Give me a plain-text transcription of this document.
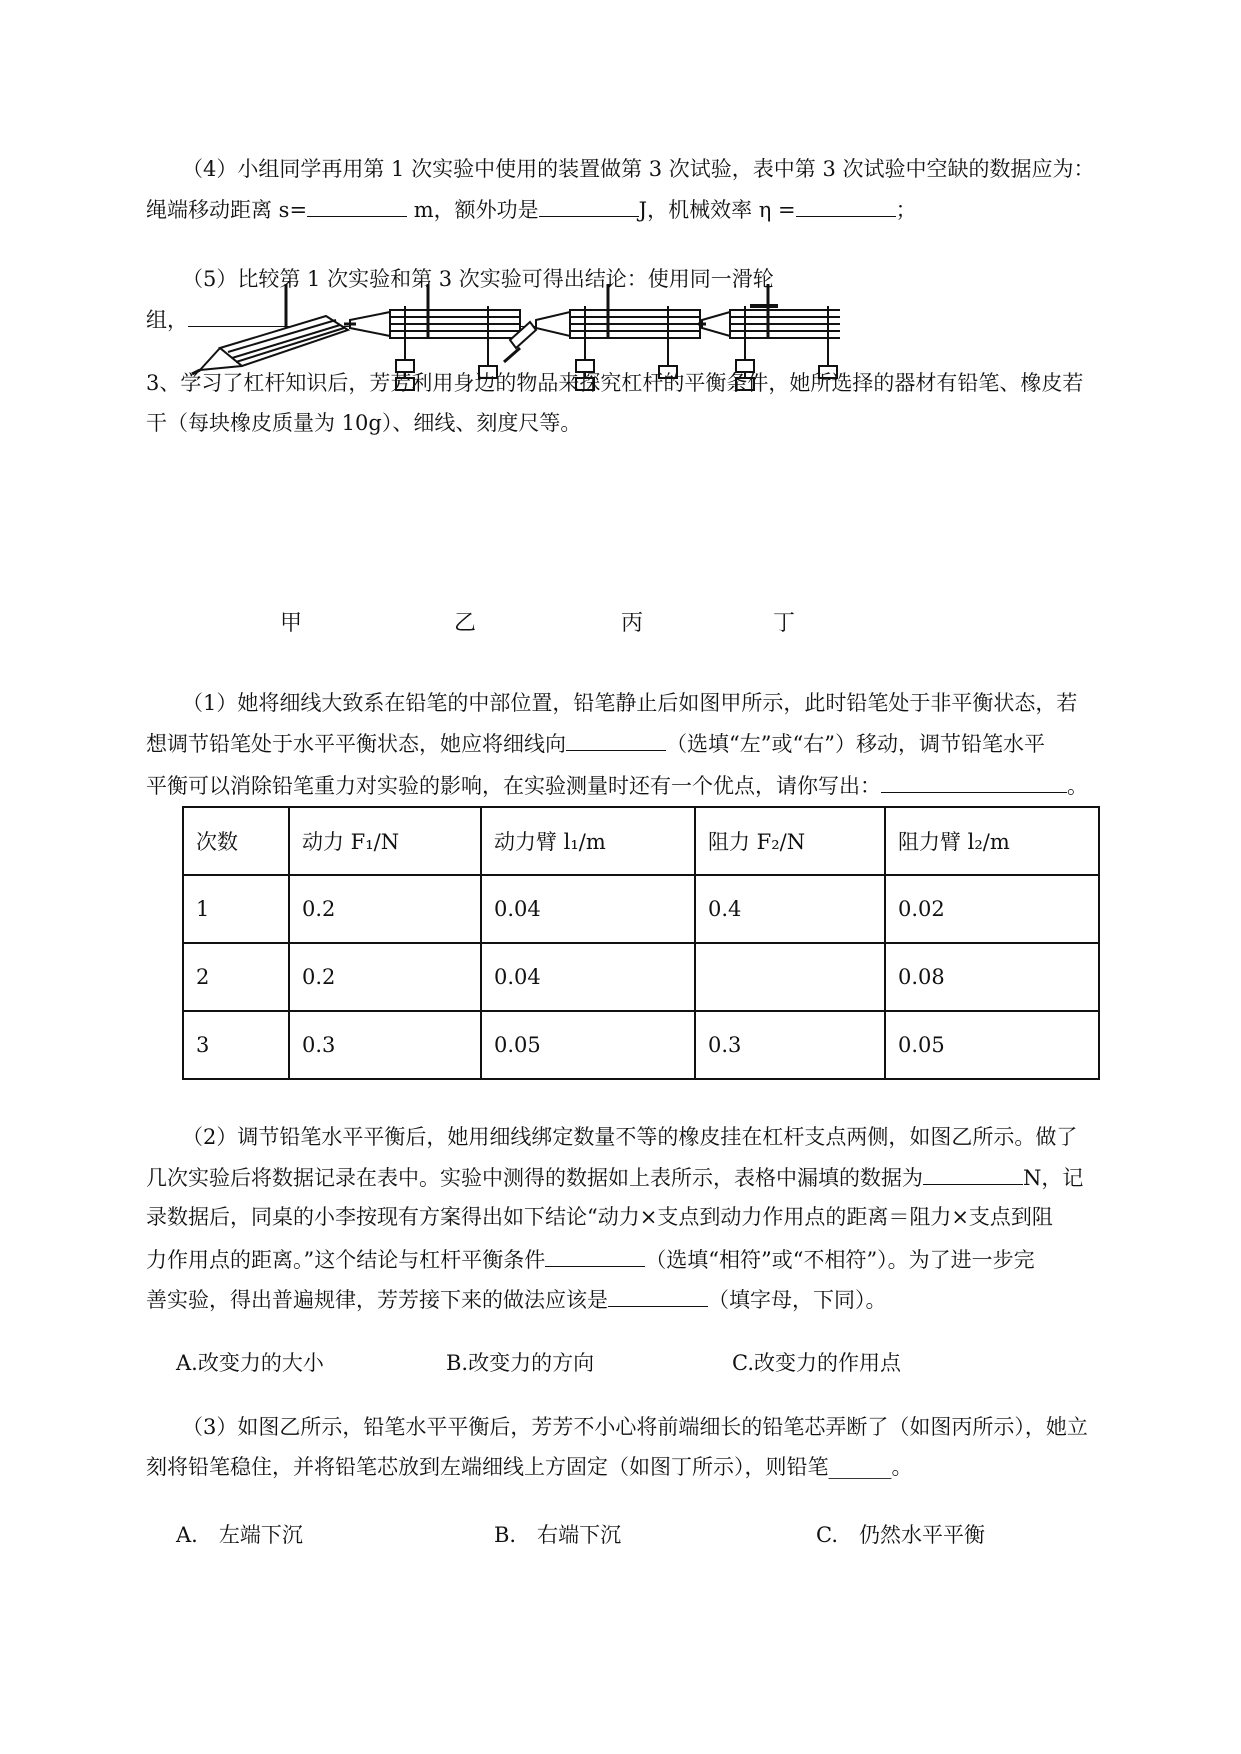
（4）小组同学再用第 1 次实验中使用的装置做第 3 次试验，表中第 3 次试验中空缺的数据应为：
绳端移动距离 s=	m，额外功是	J，机械效率 η =	；
（5）比较第 1 次实验和第 3 次实验可得出结论：使用同一滑轮
组，
3、学习了杠杆知识后，芳芳利用身边的物品来探究杠杆的平衡条件，她所选择的器材有铅笔、橡皮若
干（每块橡皮质量为 10g）、细线、刻度尺等。
甲	乙	丙	丁
（1）她将细线大致系在铅笔的中部位置，铅笔静止后如图甲所示，此时铅笔处于非平衡状态，若
想调节铅笔处于水平平衡状态，她应将细线向	（选填“左”或“右”）移动，调节铅笔水平
平衡可以消除铅笔重力对实验的影响，在实验测量时还有一个优点，请你写出：	。
次数	动力 F₁/N	动力臂 l₁/m	阻力 F₂/N	阻力臂 l₂/m
1	0.2	0.04	0.4	0.02
2	0.2	0.04		0.08
3	0.3	0.05	0.3	0.05
（2）调节铅笔水平平衡后，她用细线绑定数量不等的橡皮挂在杠杆支点两侧，如图乙所示。做了
几次实验后将数据记录在表中。实验中测得的数据如上表所示，表格中漏填的数据为	N，记
录数据后，同桌的小李按现有方案得出如下结论“动力×支点到动力作用点的距离＝阻力×支点到阻
力作用点的距离。”这个结论与杠杆平衡条件	（选填“相符”或“不相符”）。为了进一步完
善实验，得出普遍规律，芳芳接下来的做法应该是	（填字母，下同）。
A.改变力的大小	B.改变力的方向	C.改变力的作用点
（3）如图乙所示，铅笔水平平衡后，芳芳不小心将前端细长的铅笔芯弄断了（如图丙所示），她立
刻将铅笔稳住，并将铅笔芯放到左端细线上方固定（如图丁所示），则铅笔______。
A.　左端下沉	B.　右端下沉	C.　仍然水平平衡
